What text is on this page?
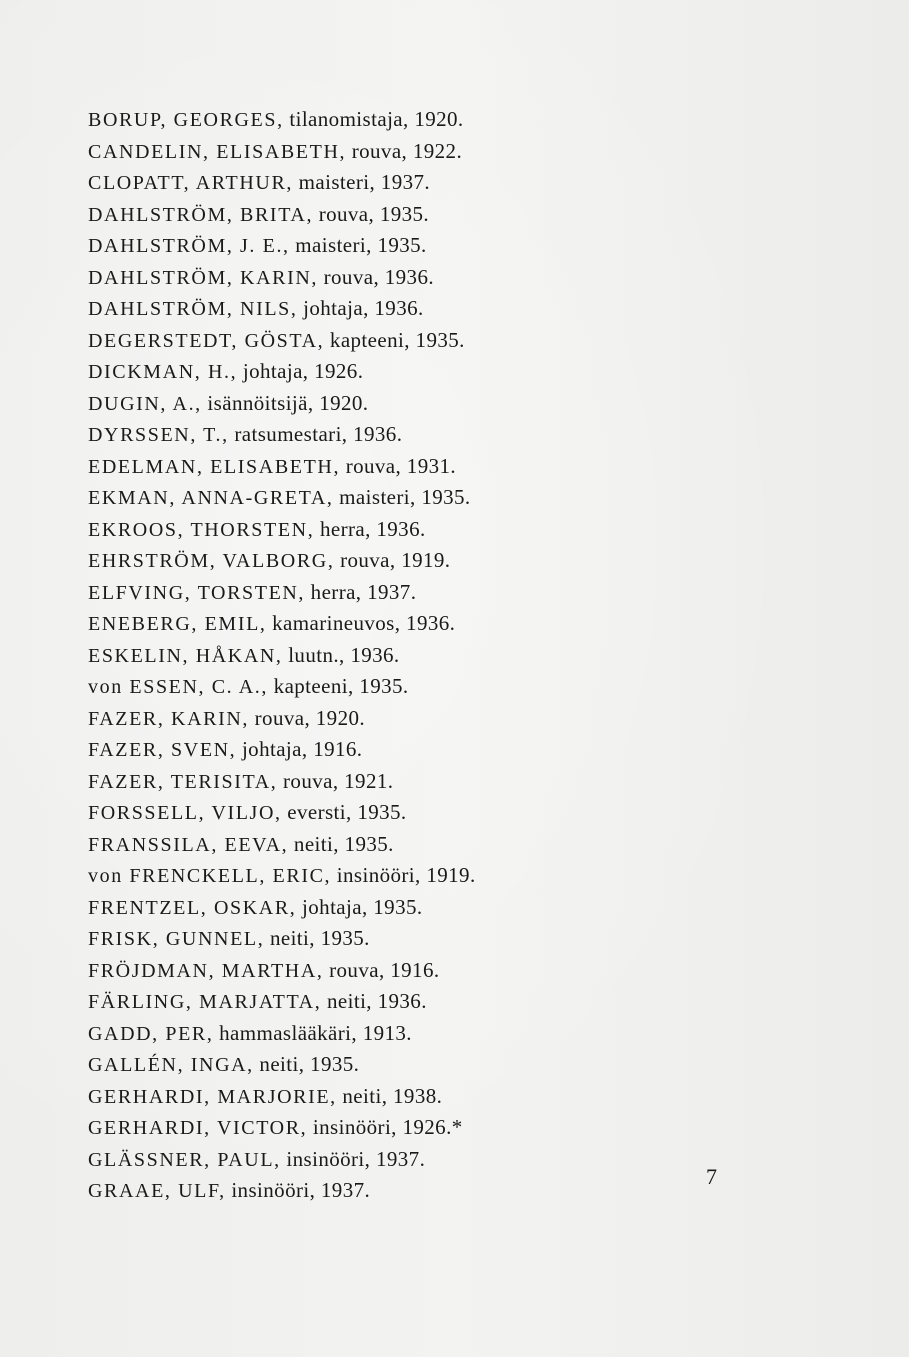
BORUP, GEORGES, tilanomistaja, 1920.
CANDELIN, ELISABETH, rouva, 1922.
CLOPATT, ARTHUR, maisteri, 1937.
DAHLSTRÖM, BRITA, rouva, 1935.
DAHLSTRÖM, J. E., maisteri, 1935.
DAHLSTRÖM, KARIN, rouva, 1936.
DAHLSTRÖM, NILS, johtaja, 1936.
DEGERSTEDT, GÖSTA, kapteeni, 1935.
DICKMAN, H., johtaja, 1926.
DUGIN, A., isännöitsijä, 1920.
DYRSSEN, T., ratsumestari, 1936.
EDELMAN, ELISABETH, rouva, 1931.
EKMAN, ANNA-GRETA, maisteri, 1935.
EKROOS, THORSTEN, herra, 1936.
EHRSTRÖM, VALBORG, rouva, 1919.
ELFVING, TORSTEN, herra, 1937.
ENEBERG, EMIL, kamarineuvos, 1936.
ESKELIN, HÅKAN, luutn., 1936.
von ESSEN, C. A., kapteeni, 1935.
FAZER, KARIN, rouva, 1920.
FAZER, SVEN, johtaja, 1916.
FAZER, TERISITA, rouva, 1921.
FORSSELL, VILJO, eversti, 1935.
FRANSSILA, EEVA, neiti, 1935.
von FRENCKELL, ERIC, insinööri, 1919.
FRENTZEL, OSKAR, johtaja, 1935.
FRISK, GUNNEL, neiti, 1935.
FRÖJDMAN, MARTHA, rouva, 1916.
FÄRLING, MARJATTA, neiti, 1936.
GADD, PER, hammaslääkäri, 1913.
GALLÉN, INGA, neiti, 1935.
GERHARDI, MARJORIE, neiti, 1938.
GERHARDI, VICTOR, insinööri, 1926.*
GLÄSSNER, PAUL, insinööri, 1937.
GRAAE, ULF, insinööri, 1937.
7
